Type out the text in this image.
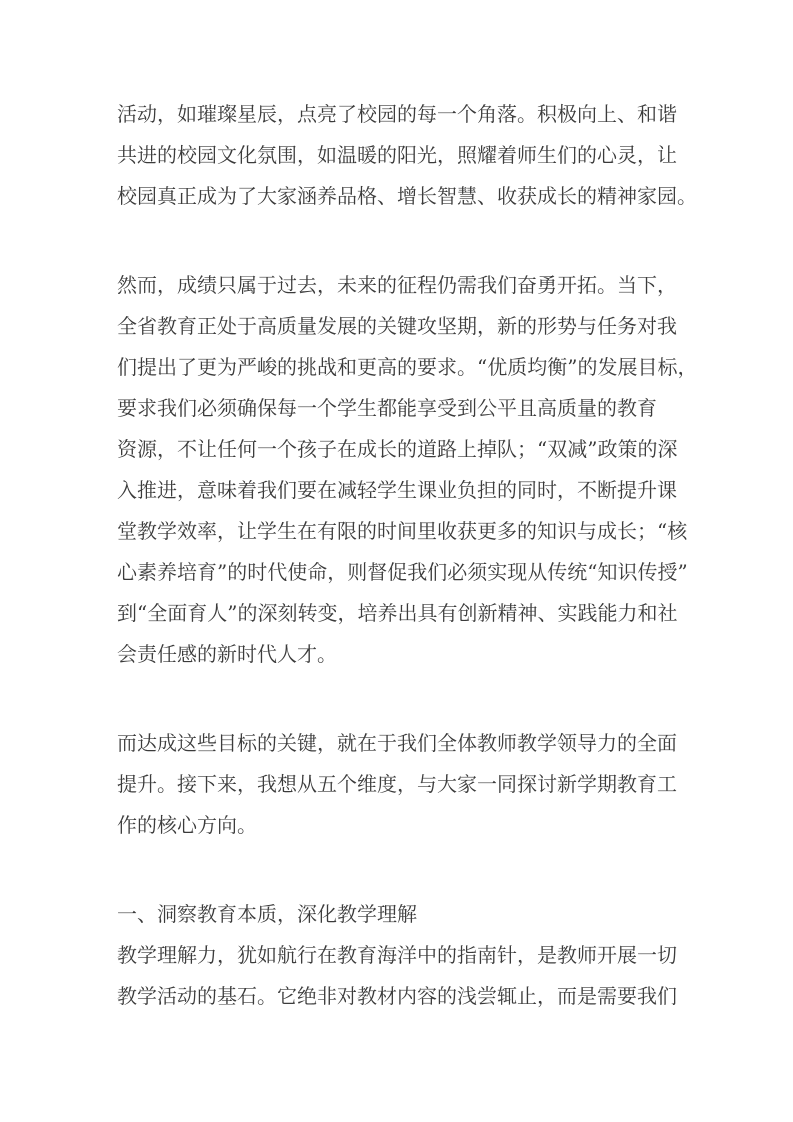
活动，如璀璨星辰，点亮了校园的每一个角落。积极向上、和谐
共进的校园文化氛围，如温暖的阳光，照耀着师生们的心灵，让
校园真正成为了大家涵养品格、增长智慧、收获成长的精神家园。
然而，成绩只属于过去，未来的征程仍需我们奋勇开拓。当下，
全省教育正处于高质量发展的关键攻坚期，新的形势与任务对我
们提出了更为严峻的挑战和更高的要求。“优质均衡”的发展目标，
要求我们必须确保每一个学生都能享受到公平且高质量的教育
资源，不让任何一个孩子在成长的道路上掉队；“双减”政策的深
入推进，意味着我们要在减轻学生课业负担的同时，不断提升课
堂教学效率，让学生在有限的时间里收获更多的知识与成长；“核
心素养培育”的时代使命，则督促我们必须实现从传统“知识传授”
到“全面育人”的深刻转变，培养出具有创新精神、实践能力和社
会责任感的新时代人才。
而达成这些目标的关键，就在于我们全体教师教学领导力的全面
提升。接下来，我想从五个维度，与大家一同探讨新学期教育工
作的核心方向。
一、洞察教育本质，深化教学理解
教学理解力，犹如航行在教育海洋中的指南针，是教师开展一切
教学活动的基石。它绝非对教材内容的浅尝辄止，而是需要我们
